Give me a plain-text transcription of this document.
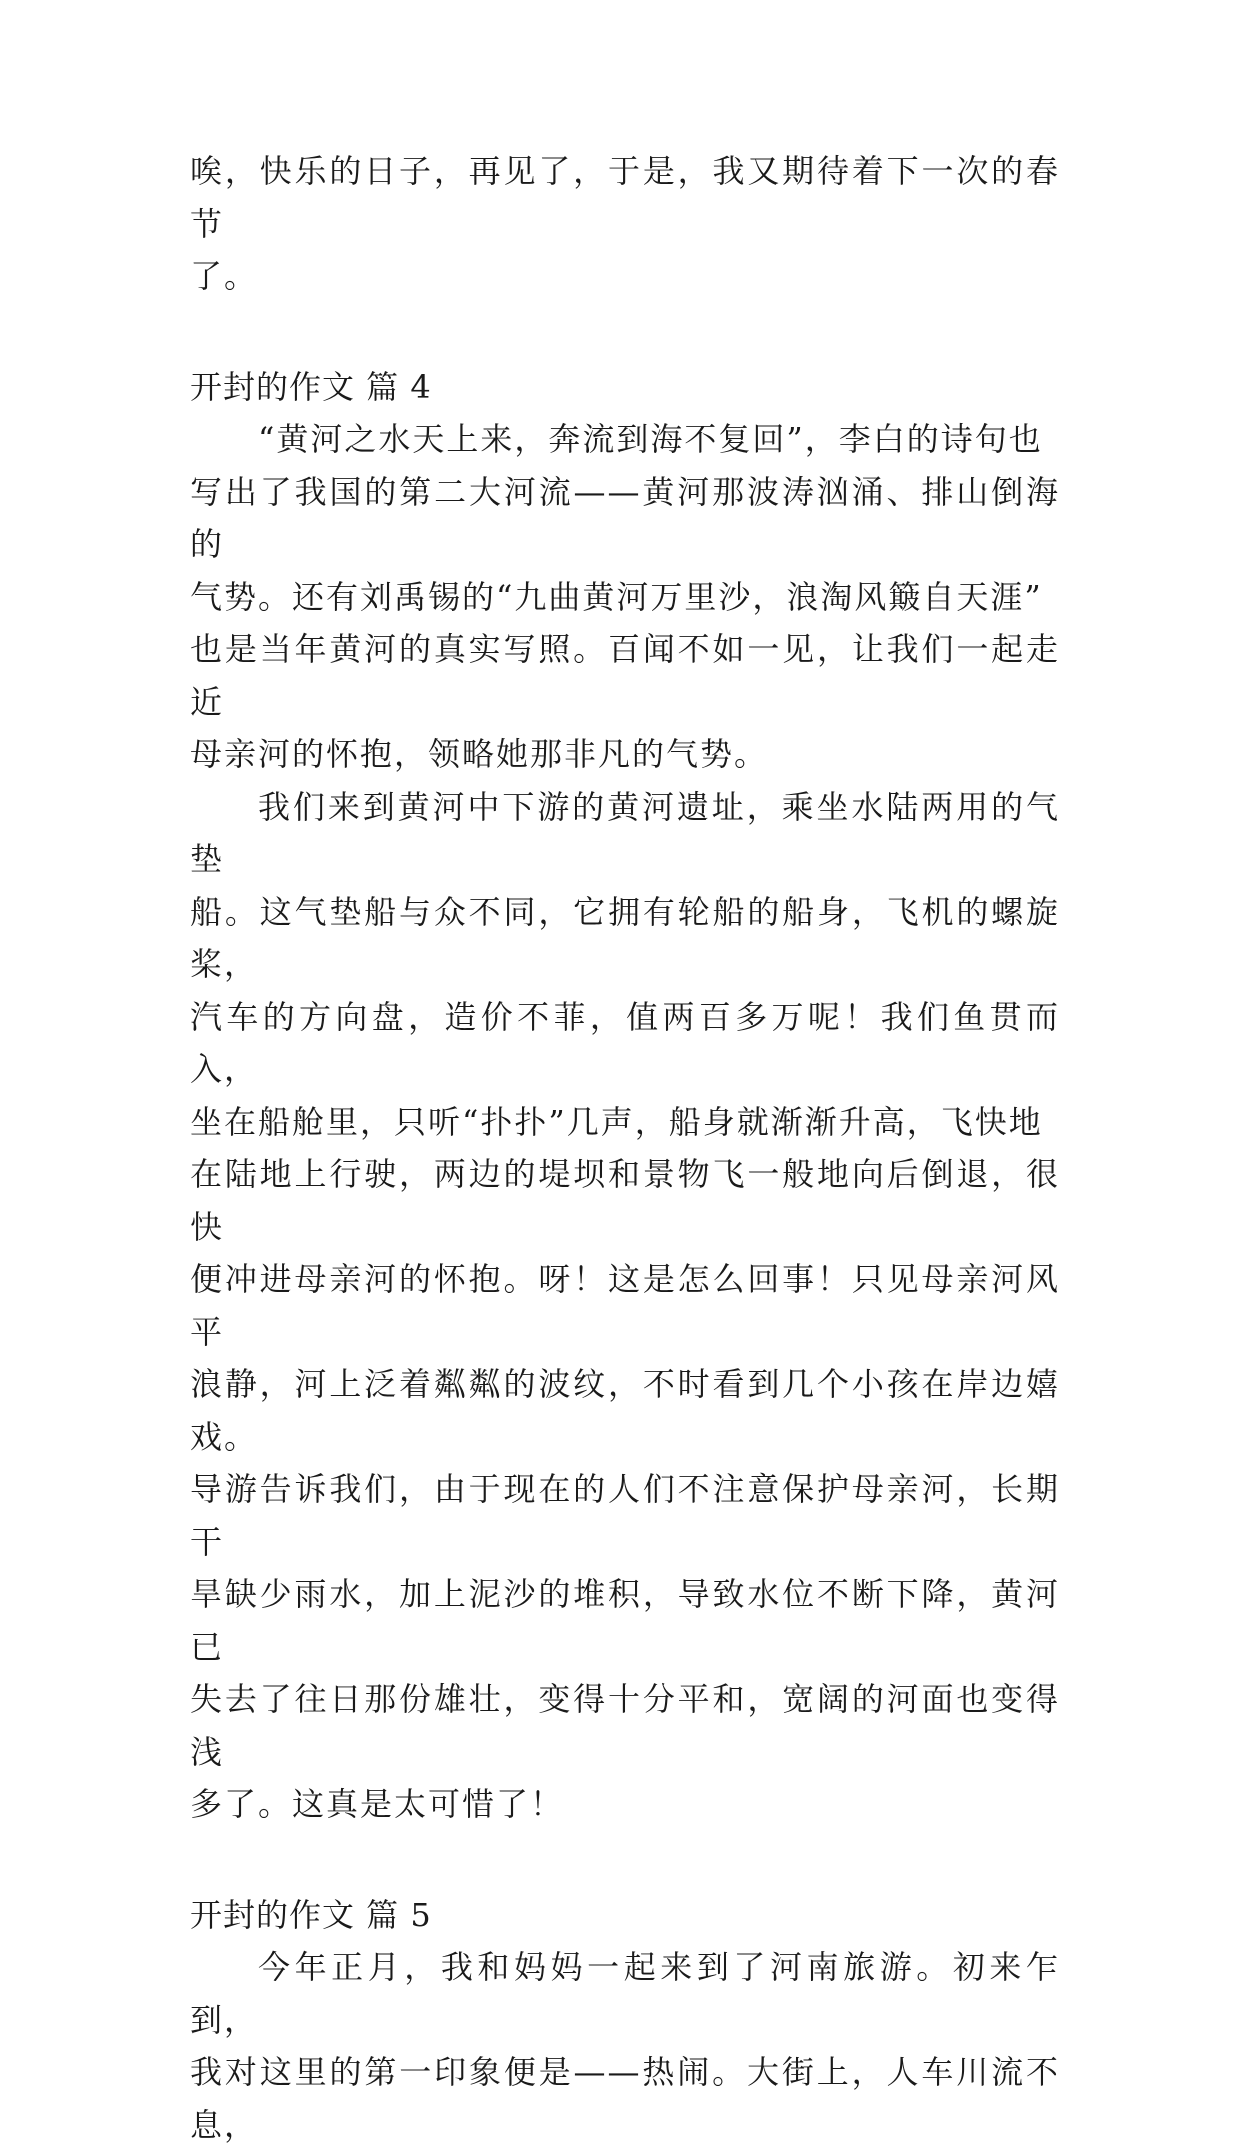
唉，快乐的日子，再见了，于是，我又期待着下一次的春节
了。
开封的作文 篇 4
“黄河之水天上来，奔流到海不复回”，李白的诗句也
写出了我国的第二大河流——黄河那波涛汹涌、排山倒海的
气势。还有刘禹锡的“九曲黄河万里沙，浪淘风簸自天涯”
也是当年黄河的真实写照。百闻不如一见，让我们一起走近
母亲河的怀抱，领略她那非凡的气势。
我们来到黄河中下游的黄河遗址，乘坐水陆两用的气垫
船。这气垫船与众不同，它拥有轮船的船身，飞机的螺旋桨，
汽车的方向盘，造价不菲，值两百多万呢！我们鱼贯而入，
坐在船舱里，只听“扑扑”几声，船身就渐渐升高，飞快地
在陆地上行驶，两边的堤坝和景物飞一般地向后倒退，很快
便冲进母亲河的怀抱。呀！这是怎么回事！只见母亲河风平
浪静，河上泛着粼粼的波纹，不时看到几个小孩在岸边嬉戏。
导游告诉我们，由于现在的人们不注意保护母亲河，长期干
旱缺少雨水，加上泥沙的堆积，导致水位不断下降，黄河已
失去了往日那份雄壮，变得十分平和，宽阔的河面也变得浅
多了。这真是太可惜了！
开封的作文 篇 5
今年正月，我和妈妈一起来到了河南旅游。初来乍到，
我对这里的第一印象便是——热闹。大街上，人车川流不息，
